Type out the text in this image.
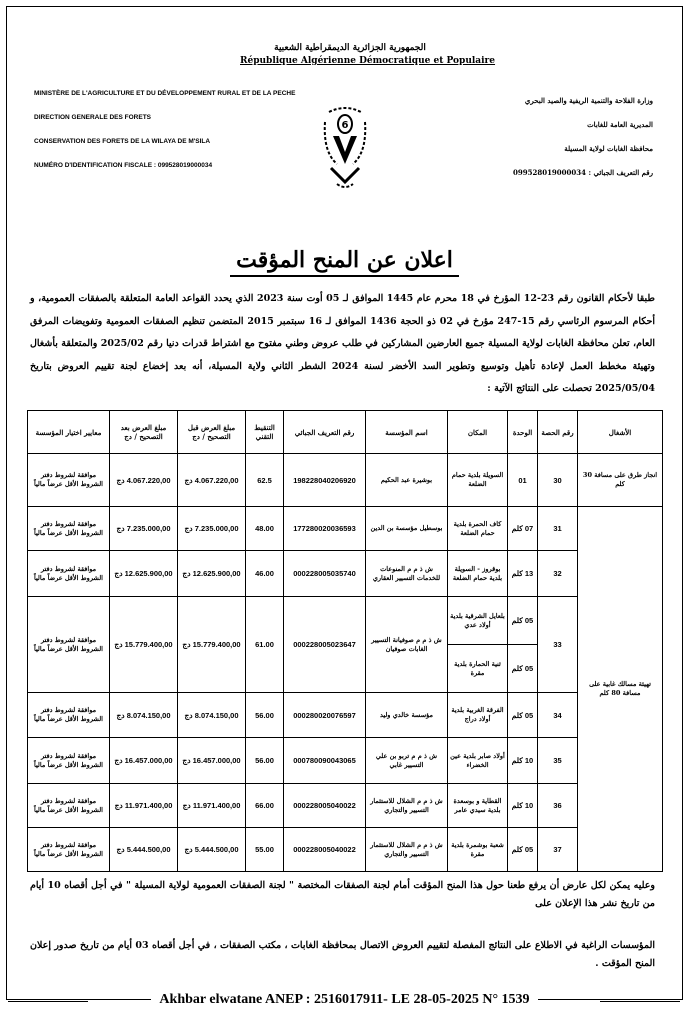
الجمهورية الجزائرية الديمقراطية الشعبية
République Algérienne Démocratique et Populaire
MINISTÈRE DE L'AGRICULTURE ET DU DÉVELOPPEMENT RURAL ET DE LA PECHE
DIRECTION GENERALE DES FORETS
CONSERVATION DES FORETS DE LA WILAYA DE M'SILA
NUMÉRO D'IDENTIFICATION FISCALE : 099528019000034
وزارة الفلاحة والتنمية الريفية والصيد البحري
المديرية العامة للغابات
محافظة الغابات لولاية المسيلة
رقم التعريف الجبائي : 099528019000034
6
اعلان عن المنح المؤقت
طبقا لأحكام القانون رقم 23-12 المؤرخ في 18 محرم عام 1445 الموافق لـ 05 أوت سنة 2023 الذي يحدد القواعد العامة المتعلقة بالصفقات العمومية، و أحكام المرسوم الرئاسي رقم 15-247 مؤرخ في 02 ذو الحجة 1436 الموافق لـ 16 سبتمبر 2015 المتضمن تنظيم الصفقات العمومية وتفويضات المرفق العام، تعلن محافظة الغابات لولاية المسيلة جميع العارضين المشاركين في طلب عروض وطني مفتوح مع اشتراط قدرات دنيا رقم 2025/02 والمتعلقة بأشغال وتهيئة مخطط العمل لإعادة تأهيل وتوسيع وتطوير السد الأخضر لسنة 2024 الشطر الثاني ولاية المسيلة، أنه بعد إخضاع لجنة تقييم العروض بتاريخ 2025/05/04 تحصلت على النتائج الآتية :
الأشغال	رقم الحصة	الوحدة	المكان	اسم المؤسسة	رقم التعريف الجبائي	التنقيط التقني	مبلغ العرض قبل التصحيح / دج	مبلغ العرض بعد التصحيح / دج	معايير اختيار المؤسسة
انجاز طرق على مسافة 30 كلم	30	01	السويلة بلدية حمام الضلعة	بوشيرة عبد الحكيم	198228040206920	62.5	4.067.220,00 دج	4.067.220,00 دج	موافقة لشروط دفتر الشروط الأقل عرضاً مالياً
تهيئة مسالك غابية على مسافة 80 كلم	31	07 كلم	كاف الحمرة بلدية حمام الضلعة	بوسطيل مؤسسة بن الدين	177280020036593	48.00	7.235.000,00 دج	7.235.000,00 دج	موافقة لشروط دفتر الشروط الأقل عرضاً مالياً
	32	13 كلم	بوقروز - السويلة بلدية حمام الضلعة	ش ذ م م المنوعات للخدمات التسيير العقاري	000228005035740	46.00	12.625.900,00 دج	12.625.900,00 دج	موافقة لشروط دفتر الشروط الأقل عرضاً مالياً
	33	05 كلم	بلعايل الشرقية بلدية أولاد عدي	ش ذ م م صوفيانة التسيير الغابات صوفيان	000228005023647	61.00	15.779.400,00 دج	15.779.400,00 دج	موافقة لشروط دفتر الشروط الأقل عرضاً مالياً
		05 كلم	ثنية الحمارة بلدية مقرة						
	34	05 كلم	الفرقة الغربية بلدية أولاد دراج	مؤسسة خالدي وليد	000280020076597	56.00	8.074.150,00 دج	8.074.150,00 دج	موافقة لشروط دفتر الشروط الأقل عرضاً مالياً
	35	10 كلم	أولاد صابر بلدية عين الخضراء	ش ذ م م تربو بن علي التسيير غابي	000780090043065	56.00	16.457.000,00 دج	16.457.000,00 دج	موافقة لشروط دفتر الشروط الأقل عرضاً مالياً
	36	10 كلم	القطاية و بوسعدة بلدية سيدي عامر	ش ذ م م الشلال للاستثمار التسيير والتجاري	000228005040022	66.00	11.971.400,00 دج	11.971.400,00 دج	موافقة لشروط دفتر الشروط الأقل عرضاً مالياً
	37	05 كلم	شعبة بوشمرة بلدية مقرة	ش ذ م م الشلال للاستثمار التسيير والتجاري	000228005040022	55.00	5.444.500,00 دج	5.444.500,00 دج	موافقة لشروط دفتر الشروط الأقل عرضاً مالياً

وعليه يمكن لكل عارض أن يرفع طعنا حول هذا المنح المؤقت أمام لجنة الصفقات المختصة " لجنة الصفقات العمومية لولاية المسيلة " في أجل أقصاه 10 أيام من تاريخ نشر هذا الإعلان على

المؤسسات الراغبة في الاطلاع على النتائج المفصلة لتقييم العروض الاتصال بمحافظة الغابات ، مكتب الصفقات ، في أجل أقصاه 03 أيام من تاريخ صدور إعلان المنح المؤقت .

Akhbar elwatane ANEP : 2516017911- LE 28-05-2025 N° 1539
